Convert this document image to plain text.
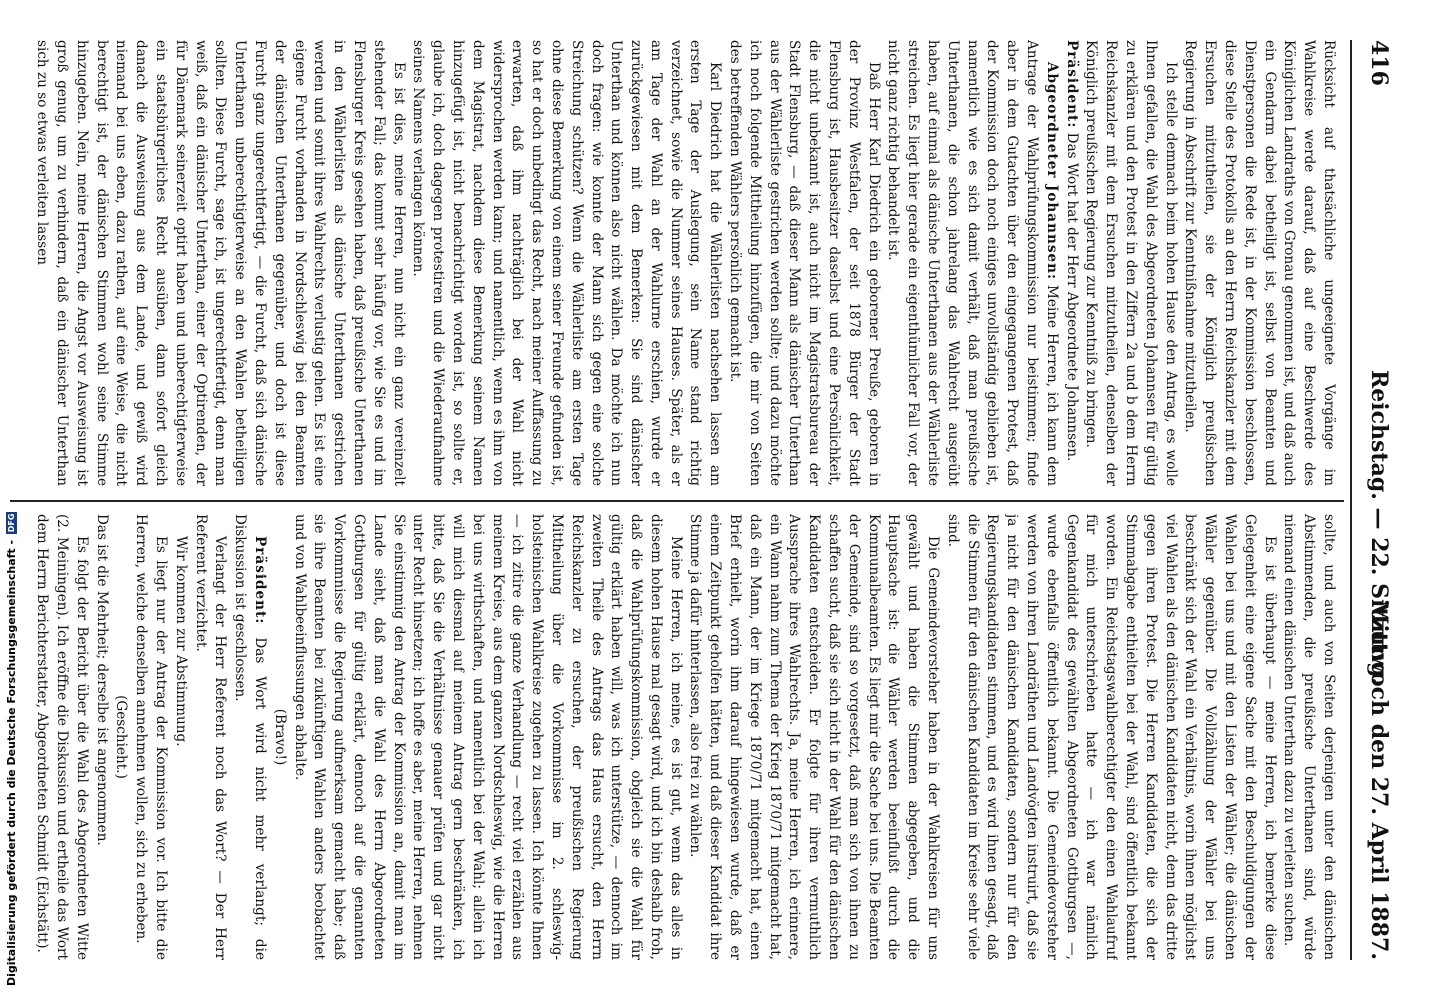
416
Reichstag. — 22. Sitzung.
Mittwoch den 27. April 1887.

Rücksicht auf thatsächliche ungeeignete Vorgänge im Wahlkreise werde darauf, daß auf eine Beschwerde des Königlichen Landraths von Gronau genommen ist, und daß auch ein Gendarm dabei betheiligt ist, selbst von Beamten und Dienstpersonen die Rede ist, in der Kommission beschlossen, diese Stelle des Protokolls an den Herrn Reichskanzler mit dem Ersuchen mitzutheilen, sie der Königlich preußischen Regierung in Abschrift zur Kenntnißnahme mitzutheilen.

Ich stelle demnach beim hohen Hause den Antrag, es wolle Ihnen gefallen, die Wahl des Abgeordneten Johannsen für gültig zu erklären und den Protest in den Ziffern 2a und b dem Herrn Reichskanzler mit dem Ersuchen mitzutheilen, denselben der Königlich preußischen Regierung zur Kenntniß zu bringen.

Präsident: Das Wort hat der Herr Abgeordnete Johannsen.

Abgeordneter Johannsen: Meine Herren, ich kann dem Antrage der Wahlprüfungskommission nur beistimmen; finde aber in dem Gutachten über den eingegangenen Protest, daß der Kommission doch noch einiges unvollständig geblieben ist, namentlich wie es sich damit verhält, daß man preußische Unterthanen, die schon jahrelang das Wahlrecht ausgeübt haben, auf einmal als dänische Unterthanen aus der Wählerliste streichen. Es liegt hier gerade ein eigenthümlicher Fall vor, der nicht ganz richtig behandelt ist.

Daß Herr Karl Diedrich ein geborener Preuße, geboren in der Provinz Westfalen, der seit 1878 Bürger der Stadt Flensburg ist, Hausbesitzer daselbst und eine Persönlichkeit, die nicht unbekannt ist, auch nicht im Magistratsbureau der Stadt Flensburg, — daß dieser Mann als dänischer Unterthan aus der Wählerliste gestrichen werden sollte; und dazu möchte ich noch folgende Mittheilung hinzufügen, die mir von Seiten des betreffenden Wählers persönlich gemacht ist.

Karl Diedrich hat die Wählerlisten nachsehen lassen am ersten Tage der Auslegung, sein Name stand richtig verzeichnet, sowie die Nummer seines Hauses. Später, als er am Tage der Wahl an der Wahlurne erschien, wurde er zurückgewiesen mit dem Bemerken: Sie sind dänischer Unterthan und können also nicht wählen. Da möchte ich nun doch fragen: wie konnte der Mann sich gegen eine solche Streichung schützen? Wenn die Wählerliste am ersten Tage ohne diese Bemerkung von einem seiner Freunde gefunden ist, so hat er doch unbedingt das Recht, nach meiner Auffassung zu erwarten, daß ihm nachträglich bei der Wahl nicht widersprochen werden kann; und namentlich, wenn es ihm von dem Magistrat, nachdem diese Bemerkung seinem Namen hinzugefügt ist, nicht benachrichtigt worden ist, so sollte er, glaube ich, doch dagegen protestiren und die Wiederaufnahme seines Namens verlangen können.

Es ist dies, meine Herren, nun nicht ein ganz vereinzelt stehender Fall; das kommt sehr häufig vor, wie Sie es und im Flensburger Kreis gesehen haben, daß preußische Unterthanen in den Wählerlisten als dänische Unterthanen gestrichen werden und somit ihres Wahlrechts verlustig gehen. Es ist eine eigene Furcht vorhanden in Nordschleswig bei den Beamten der dänischen Unterthanen gegenüber, und doch ist diese Furcht ganz ungerechtfertigt, — die Furcht, daß sich dänische Unterthanen unberechtigterweise an den Wahlen betheiligen sollten. Diese Furcht, sage ich, ist ungerechtfertigt, denn man weiß, daß ein dänischer Unterthan, einer der Optirenden, der für Dänemark seinerzeit optirt haben und unberechtigterweise ein staatsbürgerliches Recht ausüben, dann sofort gleich danach die Ausweisung aus dem Lande, und gewiß wird niemand bei uns eben, dazu rathen, auf eine Weise, die nicht berechtigt ist, der dänischen Stimmen wohl seine Stimme hinzugeben. Nein, meine Herren, die Angst vor Ausweisung ist groß genug, um zu verhindern, daß ein dänischer Unterthan sich zu so etwas verleiten lassen

sollte, und auch von Seiten derjenigen unter den dänischen Abstimmenden, die preußische Unterthanen sind, würde niemand einen dänischen Unterthan dazu zu verleiten suchen.

Es ist überhaupt — meine Herren, ich bemerke diese Gelegenheit eine eigene Sache mit den Beschuldigungen der Wahlen bei uns und mit den Listen der Wähler; die dänischen Wähler gegenüber. Die Vollzählung der Wähler bei uns beschränkt sich der Wahl ein Verhältnis, worin ihnen möglichst viel Wahlen als den dänischen Kandidaten nicht, denn das dritte gegen ihren Protest. Die Herren Kandidaten, die sich der Stimmabgabe enthielten bei der Wahl, sind öffentlich bekannt worden. Ein Reichstagswahlberechtigter den einen Wahlaufruf für mich unterschrieben hatte — ich war nämlich Gegenkandidat des gewählten Abgeordneten Gottburgsen —, wurde ebenfalls öffentlich bekannt. Die Gemeindevorsteher werden von ihren Landräthen und Landvögten instruirt, daß sie ja nicht für den dänischen Kandidaten, sondern nur für den Regierungskandidaten stimmen, und es wird ihnen gesagt, daß die Stimmen für den dänischen Kandidaten im Kreise sehr viele sind.

Die Gemeindevorsteher haben in der Wahlkreisen für uns gewählt und haben die Stimmen abgegeben, und die Hauptsache ist: die Wähler werden beeinflußt durch die Kommunalbeamten. Es liegt mir die Sache bei uns. Die Beamten der Gemeinde, sind so vorgesetzt, daß man sich von ihnen zu schaffen sucht, daß sie sich nicht in der Wahl für den dänischen Kandidaten entscheiden. Er folgte für ihren vermuthlich Aussprache ihres Wahlrechts. Ja, meine Herren, ich erinnere, ein Wann nahm zum Thema der Krieg 1870/71 mitgemacht hat, daß ein Mann, der im Kriege 1870/71 mitgemacht hat, einen Brief erhielt, worin ihm darauf hingewiesen wurde, daß er einem Zeitpunkt geholfen hätten, und daß dieser Kandidat ihre Stimme ja dafür hinterlassen, also frei zu wählen.

Meine Herren, ich meine, es ist gut, wenn das alles in diesem hohen Hause mal gesagt wird, und ich bin deshalb froh, daß die Wahlprüfungskommission, obgleich sie die Wahl für gültig erklärt haben will, was ich unterstütze, — dennoch im zweiten Theile des Antrags das Haus ersucht, den Herrn Reichskanzler zu ersuchen, der preußischen Regierung Mittheilung über die Vorkommnisse im 2. schleswig-holsteinischen Wahlkreise zugehen zu lassen. Ich könnte Ihnen — ich zitire die ganze Verhandlung — recht viel erzählen aus meinem Kreise, aus dem ganzen Nordschleswig, wie die Herren bei uns wirthschaften, und namentlich bei der Wahl; allein ich will mich diesmal auf meinem Antrag gern beschränken, ich bitte, daß Sie die Verhältnisse genauer prüfen und gar nicht unter Recht hinsetzen; ich hoffe es aber, meine Herren, nehmen Sie einstimmig den Antrag der Kommission an, damit man im Lande sieht, daß man die Wahl des Herrn Abgeordneten Gottburgsen für gültig erklärt, dennoch auf die genannten Vorkommnisse die Regierung aufmerksam gemacht habe; daß sie ihre Beamten bei zukünftigen Wahlen anders beobachtet und von Wahlbeeinflussungen abhalte.

(Bravo!)

Präsident: Das Wort wird nicht mehr verlangt; die Diskussion ist geschlossen.

Verlangt der Herr Referent noch das Wort? — Der Herr Referent verzichtet.

Wir kommen zur Abstimmung.

Es liegt nur der Antrag der Kommission vor. Ich bitte die Herren, welche denselben annehmen wollen, sich zu erheben.

(Geschieht.)

Das ist die Mehrheit; derselbe ist angenommen.

Es folgt der Bericht über die Wahl des Abgeordneten Witte (2. Meiningen). Ich eröffne die Diskussion und ertheile das Wort dem Herrn Berichterstatter, Abgeordneten Schmidt (Eichstätt).

Digitalisierung gefördert durch die Deutsche Forschungsgemeinschaft -
DFG
